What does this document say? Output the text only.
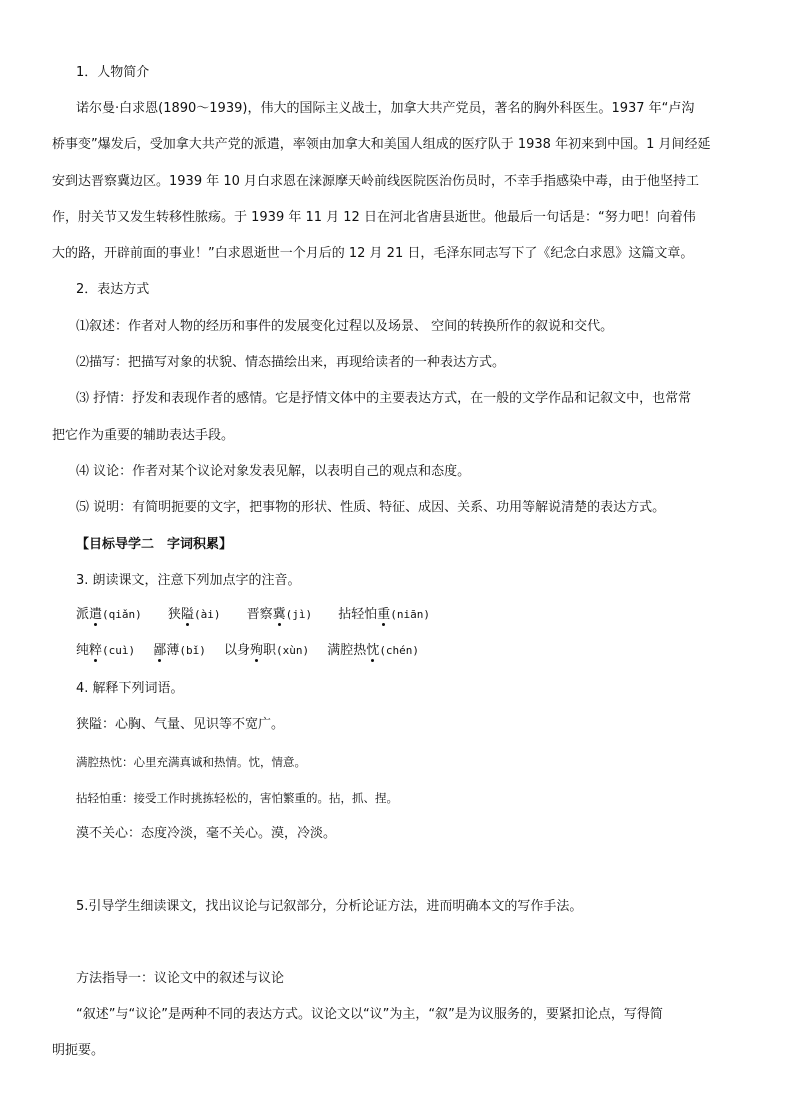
1．人物简介
诺尔曼·白求恩(1890～1939)，伟大的国际主义战士，加拿大共产党员，著名的胸外科医生。1937 年“卢沟
桥事变”爆发后，受加拿大共产党的派遣，率领由加拿大和美国人组成的医疗队于 1938 年初来到中国。1 月间经延
安到达晋察冀边区。1939 年 10 月白求恩在涞源摩天岭前线医院医治伤员时，不幸手指感染中毒，由于他坚持工
作，肘关节又发生转移性脓疡。于 1939 年 11 月 12 日在河北省唐县逝世。他最后一句话是：“努力吧！向着伟
大的路，开辟前面的事业！”白求恩逝世一个月后的 12 月 21 日，毛泽东同志写下了《纪念白求恩》这篇文章。
2．表达方式
⑴叙述：作者对人物的经历和事件的发展变化过程以及场景、 空间的转换所作的叙说和交代。
⑵描写：把描写对象的状貌、情态描绘出来，再现给读者的一种表达方式。
⑶ 抒情：抒发和表现作者的感情。它是抒情文体中的主要表达方式，在一般的文学作品和记叙文中，也常常
把它作为重要的辅助表达手段。
⑷ 议论：作者对某个议论对象发表见解，以表明自己的观点和态度。
⑸ 说明：有简明扼要的文字，把事物的形状、性质、特征、成因、关系、功用等解说清楚的表达方式。
【目标导学二　字词积累】
3. 朗读课文，注意下列加点字的注音。
派遣(qiǎn) 狭隘(ài) 晋察冀(jì) 拈轻怕重(niān)
纯粹(cuì) 鄙薄(bǐ) 以身殉职(xùn) 满腔热忱(chén)
4. 解释下列词语。
狭隘：心胸、气量、见识等不宽广。
满腔热忱：心里充满真诚和热情。忱，情意。
拈轻怕重：接受工作时挑拣轻松的，害怕繁重的。拈，抓、捏。
漠不关心：态度冷淡，毫不关心。漠，冷淡。
5.引导学生细读课文，找出议论与记叙部分，分析论证方法，进而明确本文的写作手法。
方法指导一：议论文中的叙述与议论
“叙述”与“议论”是两种不同的表达方式。议论文以“议”为主，“叙”是为议服务的，要紧扣论点，写得简
明扼要。
